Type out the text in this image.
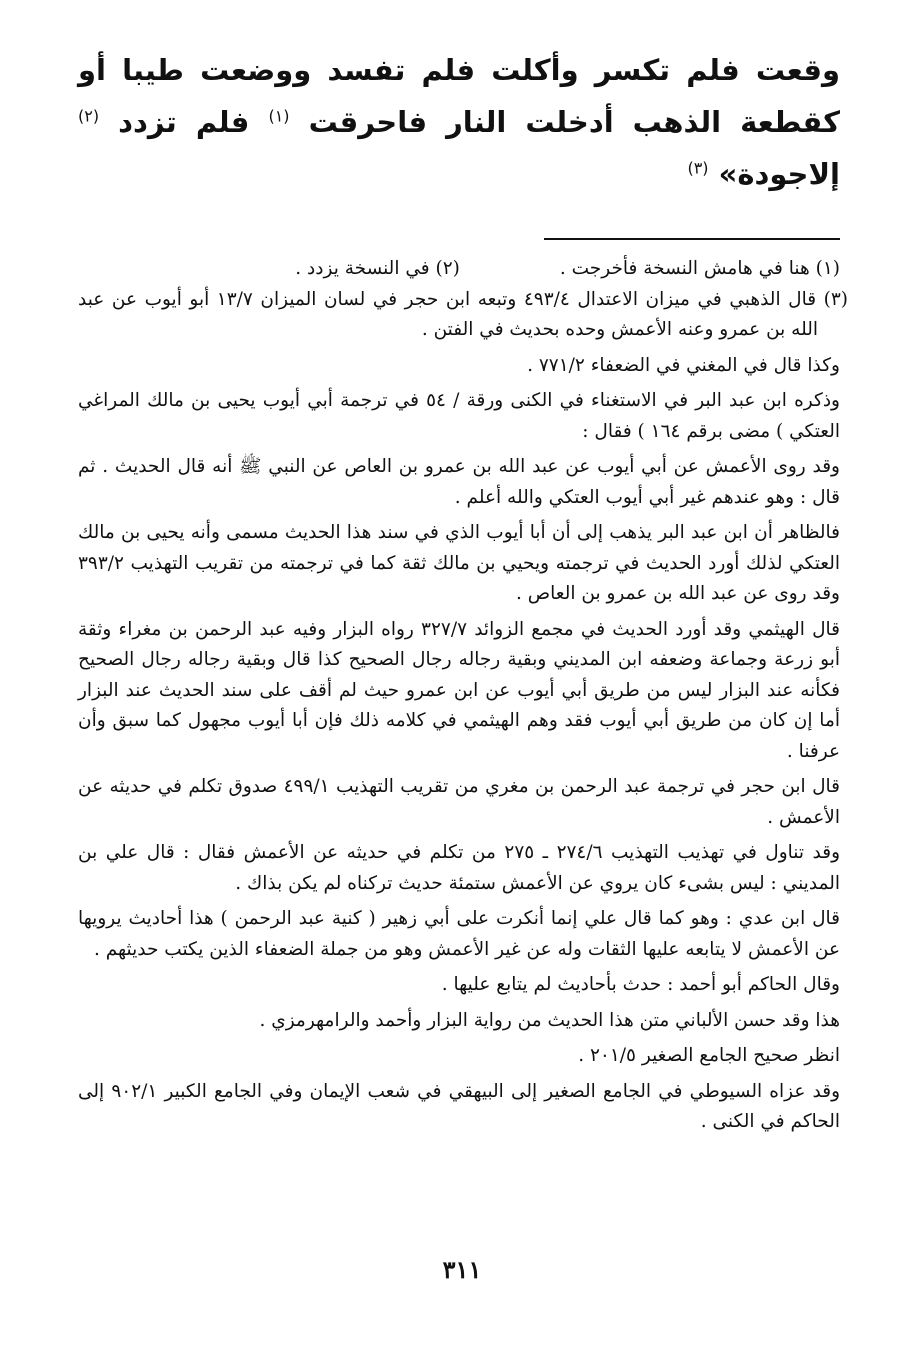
وقعت فلم تكسر وأكلت فلم تفسد ووضعت طيبا أو كقطعة الذهب أدخلت النار فاحرقت $^{(١)}$ فلم تزدد $^{(٢)}$ إلاجودة» $^{(٣)}$

(١) هنا في هامش النسخة فأخرجت .

(٢) في النسخة يزدد .

(٣) قال الذهبي في ميزان الاعتدال ٤٩٣/٤ وتبعه ابن حجر في لسان الميزان ١٣/٧ أبو أيوب عن عبد الله بن عمرو وعنه الأعمش وحده بحديث في الفتن .

وكذا قال في المغني في الضعفاء ٧٧١/٢ .

وذكره ابن عبد البر في الاستغناء في الكنى ورقة / ٥٤ في ترجمة أبي أيوب يحيى بن مالك المراغي العتكي ) مضى برقم ١٦٤ ) فقال :

وقد روى الأعمش عن أبي أيوب عن عبد الله بن عمرو بن العاص عن النبي ﷺ أنه قال الحديث . ثم قال : وهو عندهم غير أبي أيوب العتكي والله أعلم .

فالظاهر أن ابن عبد البر يذهب إلى أن أبا أيوب الذي في سند هذا الحديث مسمى وأنه يحيى بن مالك العتكي لذلك أورد الحديث في ترجمته ويحيي بن مالك ثقة كما في ترجمته من تقريب التهذيب ٣٩٣/٢ وقد روى عن عبد الله بن عمرو بن العاص .

قال الهيثمي وقد أورد الحديث في مجمع الزوائد ٣٢٧/٧ رواه البزار وفيه عبد الرحمن بن مغراء وثقة أبو زرعة وجماعة وضعفه ابن المديني وبقية رجاله رجال الصحيح كذا قال وبقية رجاله رجال الصحيح فكأنه عند البزار ليس من طريق أبي أيوب عن ابن عمرو حيث لم أقف على سند الحديث عند البزار أما إن كان من طريق أبي أيوب فقد وهم الهيثمي في كلامه ذلك فإن أبا أيوب مجهول كما سبق وأن عرفنا .

قال ابن حجر في ترجمة عبد الرحمن بن مغري من تقريب التهذيب ٤٩٩/١ صدوق تكلم في حديثه عن الأعمش .

وقد تناول في تهذيب التهذيب ٢٧٤/٦ ـ ٢٧٥ من تكلم في حديثه عن الأعمش فقال : قال علي بن المديني : ليس بشىء كان يروي عن الأعمش ستمئة حديث تركناه لم يكن بذاك .

قال ابن عدي : وهو كما قال علي إنما أنكرت على أبي زهير ( كنية عبد الرحمن ) هذا أحاديث يرويها عن الأعمش لا يتابعه عليها الثقات وله عن غير الأعمش وهو من جملة الضعفاء الذين يكتب حديثهم .

وقال الحاكم أبو أحمد : حدث بأحاديث لم يتابع عليها .

هذا وقد حسن الألباني متن هذا الحديث من رواية البزار وأحمد والرامهرمزي .

انظر صحيح الجامع الصغير ٢٠١/٥ .

وقد عزاه السيوطي في الجامع الصغير إلى البيهقي في شعب الإيمان وفي الجامع الكبير ٩٠٢/١ إلى الحاكم في الكنى .

٣١١
